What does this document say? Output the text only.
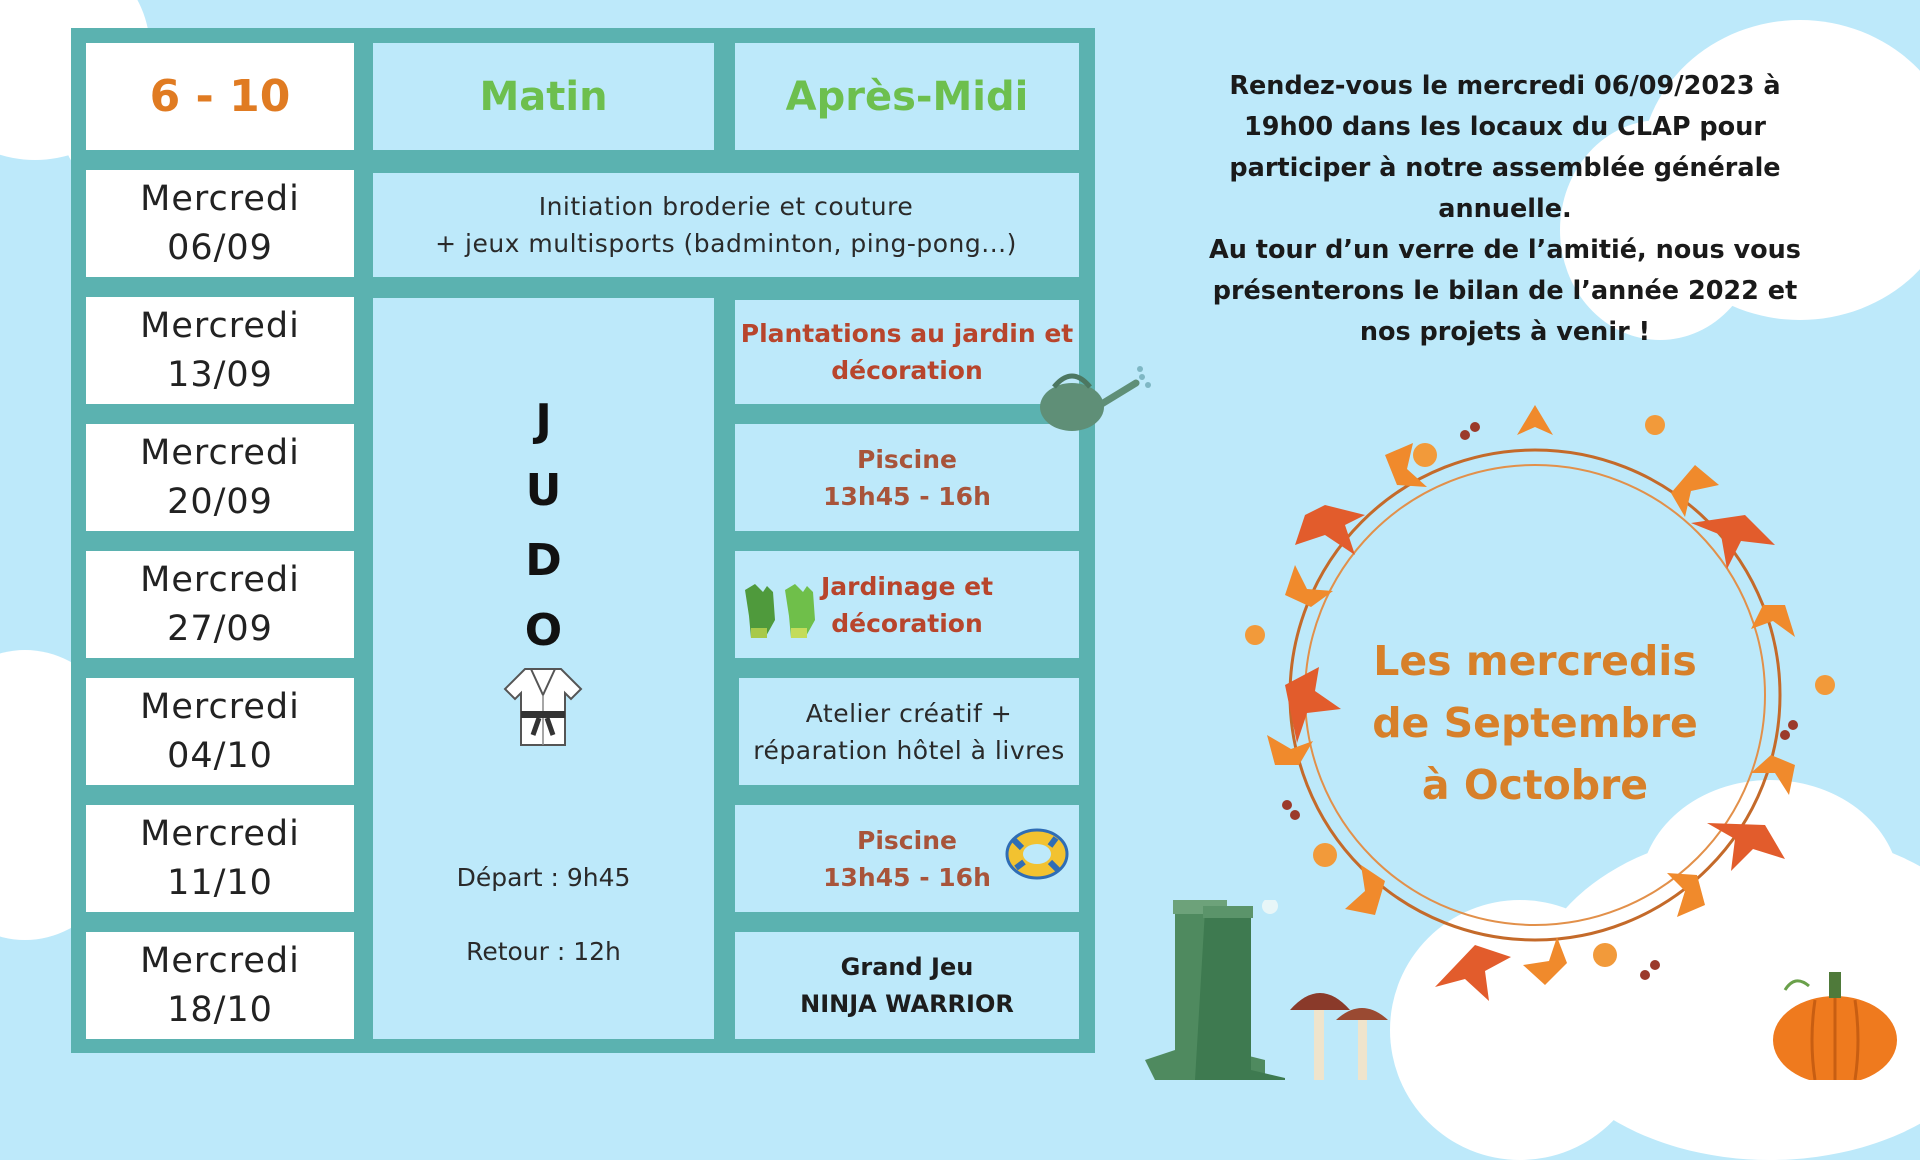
6 - 10	Matin	Après-Midi
Mercredi
06/09
Mercredi
13/09
Mercredi
20/09
Mercredi
27/09
Mercredi
04/10
Mercredi
11/10
Mercredi
18/10
Initiation broderie et couture
+ jeux multisports (badminton, ping-pong...)
J
U
D
O
Départ : 9h45
Retour : 12h
Plantations au jardin et
décoration
Piscine
13h45 - 16h
Jardinage et
décoration
Atelier créatif +
réparation hôtel à livres
Piscine
13h45 - 16h
Grand Jeu
NINJA WARRIOR
Rendez-vous le mercredi 06/09/2023 à
19h00 dans les locaux du CLAP pour
participer à notre assemblée générale
annuelle.
Au tour d’un verre de l’amitié, nous vous
présenterons le bilan de l’année 2022 et
nos projets à venir !
Les mercredis
de Septembre
à Octobre
